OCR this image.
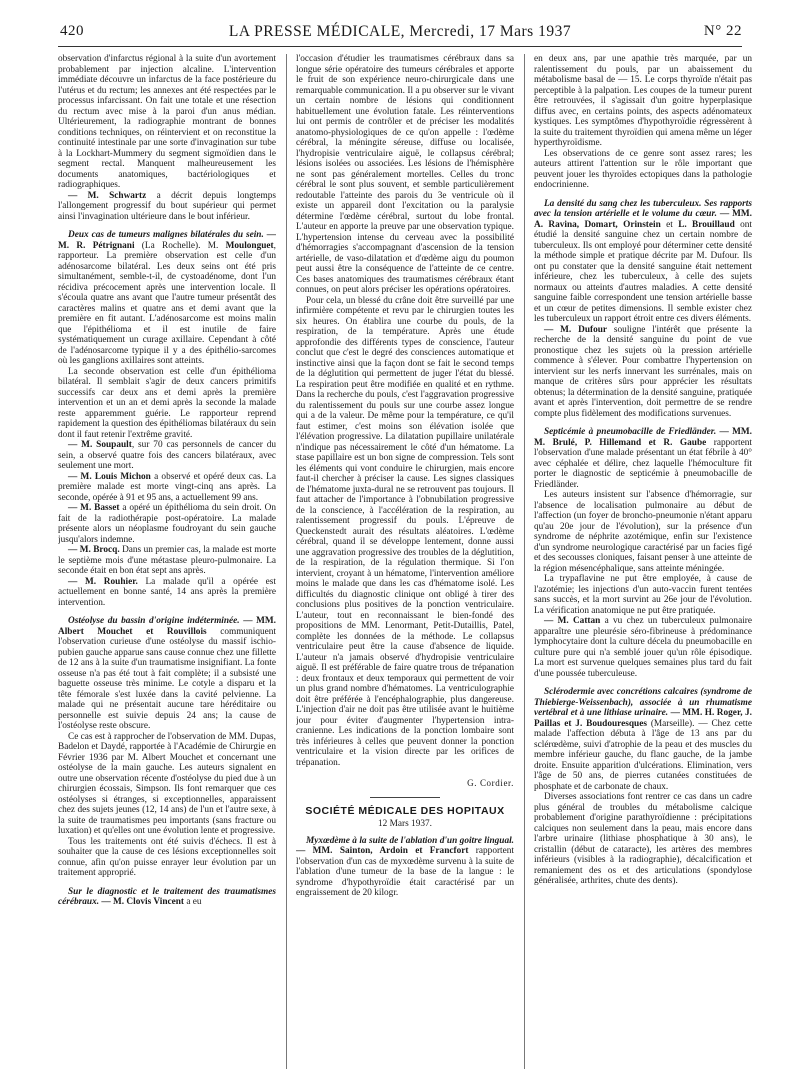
420	LA PRESSE MÉDICALE, Mercredi, 17 Mars 1937	N° 22

observation d'infarctus régional à la suite d'un avortement probablement par injection alcaline. L'intervention immédiate découvre un infarctus de la face postérieure du l'utérus et du rectum; les annexes ant été respectées par le processus infarcissant. On fait une totale et une résection du rectum avec mise à la paroi d'un anus médian. Ultérieurement, la radiographie montrant de bonnes conditions techniques, on réintervient et on reconstitue la continuité intestinale par une sorte d'invagination sur tube à la Lockhart-Mummery du segment sigmoïdien dans le segment rectal. Manquent malheureusement les documents anatomiques, bactériologiques et radiographiques.

— M. Schwartz a décrit depuis longtemps l'allongement progressif du bout supérieur qui permet ainsi l'invagination ultérieure dans le bout inférieur.

Deux cas de tumeurs malignes bilatérales du sein. — M. R. Pétrignani (La Rochelle). M. Moulonguet, rapporteur. La première observation est celle d'un adénosarcome bilatéral. Les deux seins ont été pris simultanément, semble-t-il, de cystoadénome, dont l'un récidiva précocement après une intervention locale. Il s'écoula quatre ans avant que l'autre tumeur présentât des caractères malins et quatre ans et demi avant que la première en fit autant. L'adénosarcome est moins malin que l'épithélioma et il est inutile de faire systématiquement un curage axillaire. Cependant à côté de l'adénosarcome typique il y a des épithélio-sarcomes où les ganglions axillaires sont atteints.

La seconde observation est celle d'un épithélioma bilatéral. Il semblait s'agir de deux cancers primitifs successifs car deux ans et demi après la première intervention et un an et demi après la seconde la malade reste apparemment guérie. Le rapporteur reprend rapidement la question des épithéliomas bilatéraux du sein dont il faut retenir l'extrême gravité.

— M. Soupault, sur 70 cas personnels de cancer du sein, a observé quatre fois des cancers bilatéraux, avec seulement une mort.

— M. Louis Michon a observé et opéré deux cas. La première malade est morte vingt-cinq ans après. La seconde, opérée à 91 et 95 ans, a actuellement 99 ans.

— M. Basset a opéré un épithélioma du sein droit. On fait de la radiothérapie post-opératoire. La malade présente alors un néoplasme foudroyant du sein gauche jusqu'alors indemne.

— M. Brocq. Dans un premier cas, la malade est morte le septième mois d'une métastase pleuro-pulmonaire. La seconde était en bon état sept ans après.

— M. Rouhier. La malade qu'il a opérée est actuellement en bonne santé, 14 ans après la première intervention.

Ostéolyse du bassin d'origine indéterminée. — MM. Albert Mouchet et Rouvillois communiquent l'observation curieuse d'une ostéolyse du massif ischio-pubien gauche apparue sans cause connue chez une fillette de 12 ans à la suite d'un traumatisme insignifiant. La fonte osseuse n'a pas été tout à fait complète; il a subsisté une baguette osseuse très minime. Le cotyle a disparu et la tête fémorale s'est luxée dans la cavité pelvienne. La malade qui ne présentait aucune tare héréditaire ou personnelle est suivie depuis 24 ans; la cause de l'ostéolyse reste obscure.

Ce cas est à rapprocher de l'observation de MM. Dupas, Badelon et Daydé, rapportée à l'Académie de Chirurgie en Février 1936 par M. Albert Mouchet et concernant une ostéolyse de la main gauche. Les auteurs signalent en outre une observation récente d'ostéolyse du pied due à un chirurgien écossais, Simpson. Ils font remarquer que ces ostéolyses si étranges, si exceptionnelles, apparaissent chez des sujets jeunes (12, 14 ans) de l'un et l'autre sexe, à la suite de traumatismes peu importants (sans fracture ou luxation) et qu'elles ont une évolution lente et progressive.

Tous les traitements ont été suivis d'échecs. Il est à souhaiter que la cause de ces lésions exceptionnelles soit connue, afin qu'on puisse enrayer leur évolution par un traitement approprié.

Sur le diagnostic et le traitement des traumatismes cérébraux. — M. Clovis Vincent a eu

l'occasion d'étudier les traumatismes cérébraux dans sa longue série opératoire des tumeurs cérébrales et apporte le fruit de son expérience neuro-chirurgicale dans une remarquable communication. Il a pu observer sur le vivant un certain nombre de lésions qui conditionnent habituellement une évolution fatale. Les réinterventions lui ont permis de contrôler et de préciser les modalités anatomo-physiologiques de ce qu'on appelle : l'œdème cérébral, la méningite séreuse, diffuse ou localisée, l'hydropisie ventriculaire aiguë, le collapsus cérébral; lésions isolées ou associées. Les lésions de l'hémisphère ne sont pas généralement mortelles. Celles du tronc cérébral le sont plus souvent, et semble particulièrement redoutable l'atteinte des parois du 3e ventricule où il existe un appareil dont l'excitation ou la paralysie détermine l'œdème cérébral, surtout du lobe frontal. L'auteur en apporte la preuve par une observation typique. L'hypertension intense du cerveau avec la possibilité d'hémorragies s'accompagnant d'ascension de la tension artérielle, de vaso-dilatation et d'œdème aigu du poumon peut aussi être la conséquence de l'atteinte de ce centre. Ces bases anatomiques des traumatismes cérébraux étant connues, on peut alors préciser les opérations opératoires.

Pour cela, un blessé du crâne doit être surveillé par une infirmière compétente et revu par le chirurgien toutes les six heures. On établira une courbe du pouls, de la respiration, de la température. Après une étude approfondie des différents types de conscience, l'auteur conclut que c'est le degré des consciences automatique et instinctive ainsi que la façon dont se fait le second temps de la déglutition qui permettent de juger l'état du blessé. La respiration peut être modifiée en qualité et en rythme. Dans la recherche du pouls, c'est l'aggravation progressive du ralentissement du pouls sur une courbe assez longue qui a de la valeur. De même pour la température, ce qu'il faut estimer, c'est moins son élévation isolée que l'élévation progressive. La dilatation pupillaire unilatérale n'indique pas nécessairement le côté d'un hématome. La stase papillaire est un bon signe de compression. Tels sont les éléments qui vont conduire le chirurgien, mais encore faut-il chercher à préciser la cause. Les signes classiques de l'hématome juxta-dural ne se retrouvent pas toujours. Il faut attacher de l'importance à l'obnubilation progressive de la conscience, à l'accélération de la respiration, au ralentissement progressif du pouls. L'épreuve de Queckenstedt aurait des résultats aléatoires. L'œdème cérébral, quand il se développe lentement, donne aussi une aggravation progressive des troubles de la déglutition, de la respiration, de la régulation thermique. Si l'on intervient, croyant à un hématome, l'intervention améliore moins le malade que dans les cas d'hématome isolé. Les difficultés du diagnostic clinique ont obligé à tirer des conclusions plus positives de la ponction ventriculaire. L'auteur, tout en reconnaissant le bien-fondé des propositions de MM. Lenormant, Petit-Dutaillis, Patel, complète les données de la méthode. Le collapsus ventriculaire peut être la cause d'absence de liquide. L'auteur n'a jamais observé d'hydropisie ventriculaire aiguë. Il est préférable de faire quatre trous de trépanation : deux frontaux et deux temporaux qui permettent de voir un plus grand nombre d'hématomes. La ventriculographie doit être préférée à l'encéphalographie, plus dangereuse. L'injection d'air ne doit pas être utilisée avant le huitième jour pour éviter d'augmenter l'hypertension intra-cranienne. Les indications de la ponction lombaire sont très inférieures à celles que peuvent donner la ponction ventriculaire et la vision directe par les orifices de trépanation.

G. Cordier.
SOCIÉTÉ MÉDICALE DES HOPITAUX
12 Mars 1937.

Myxœdème à la suite de l'ablation d'un goitre lingual. — MM. Sainton, Ardoin et Francfort rapportent l'observation d'un cas de myxœdème survenu à la suite de l'ablation d'une tumeur de la base de la langue : le syndrome d'hypothyroïdie était caractérisé par un engraissement de 20 kilogr.

en deux ans, par une apathie très marquée, par un ralentissement du pouls, par un abaissement du métabolisme basal de — 15. Le corps thyroïde n'était pas perceptible à la palpation. Les coupes de la tumeur purent être retrouvées, il s'agissait d'un goitre hyperplasique diffus avec, en certains points, des aspects adénomateux kystiques. Les symptômes d'hypothyroïdie régressèrent à la suite du traitement thyroïdien qui amena même un léger hyperthyroïdisme.

Les observations de ce genre sont assez rares; les auteurs attirent l'attention sur le rôle important que peuvent jouer les thyroïdes ectopiques dans la pathologie endocrinienne.

La densité du sang chez les tuberculeux. Ses rapports avec la tension artérielle et le volume du cœur. — MM. A. Ravina, Domart, Orinstein et L. Brouillaud ont étudié la densité sanguine chez un certain nombre de tuberculeux. Ils ont employé pour déterminer cette densité la méthode simple et pratique décrite par M. Dufour. Ils ont pu constater que la densité sanguine était nettement inférieure, chez les tuberculeux, à celle des sujets normaux ou atteints d'autres maladies. A cette densité sanguine faible correspondent une tension artérielle basse et un cœur de petites dimensions. Il semble exister chez les tuberculeux un rapport étroit entre ces divers éléments.

— M. Dufour souligne l'intérêt que présente la recherche de la densité sanguine du point de vue pronostique chez les sujets où la pression artérielle commence à s'élever. Pour combattre l'hypertension on intervient sur les nerfs innervant les surrénales, mais on manque de critères sûrs pour apprécier les résultats obtenus; la détermination de la densité sanguine, pratiquée avant et après l'intervention, doit permettre de se rendre compte plus fidèlement des modifications survenues.

Septicémie à pneumobacille de Friedländer. — MM. M. Brulé, P. Hillemand et R. Gaube rapportent l'observation d'une malade présentant un état fébrile à 40° avec céphalée et délire, chez laquelle l'hémoculture fit porter le diagnostic de septicémie à pneumobacille de Friedländer.

Les auteurs insistent sur l'absence d'hémorragie, sur l'absence de localisation pulmonaire au début de l'affection (un foyer de broncho-pneumonie n'étant apparu qu'au 20e jour de l'évolution), sur la présence d'un syndrome de néphrite azotémique, enfin sur l'existence d'un syndrome neurologique caractérisé par un facies figé et des secousses cloniques, faisant penser à une atteinte de la région mésencéphalique, sans atteinte méningée.

La trypaflavine ne put être employée, à cause de l'azotémie; les injections d'un auto-vaccin furent tentées sans succès, et la mort survint au 26e jour de l'évolution. La vérification anatomique ne put être pratiquée.

— M. Cattan a vu chez un tuberculeux pulmonaire apparaître une pleurésie séro-fibrineuse à prédominance lymphocytaire dont la culture décela du pneumobacille en culture pure qui n'a semblé jouer qu'un rôle épisodique. La mort est survenue quelques semaines plus tard du fait d'une poussée tuberculeuse.

Sclérodermie avec concrétions calcaires (syndrome de Thiebierge-Weissenbach), associée à un rhumatisme vertébral et à une lithiase urinaire. — MM. H. Roger, J. Paillas et J. Boudouresques (Marseille). — Chez cette malade l'affection débuta à l'âge de 13 ans par du sclérœdème, suivi d'atrophie de la peau et des muscles du membre inférieur gauche, du flanc gauche, de la jambe droite. Ensuite apparition d'ulcérations. Elimination, vers l'âge de 50 ans, de pierres cutanées constituées de phosphate et de carbonate de chaux.

Diverses associations font rentrer ce cas dans un cadre plus général de troubles du métabolisme calcique probablement d'origine parathyroïdienne : précipitations calciques non seulement dans la peau, mais encore dans l'arbre urinaire (lithiase phosphatique à 30 ans), le cristallin (début de cataracte), les artères des membres inférieurs (visibles à la radiographie), décalcification et remaniement des os et des articulations (spondylose généralisée, arthrites, chute des dents).
